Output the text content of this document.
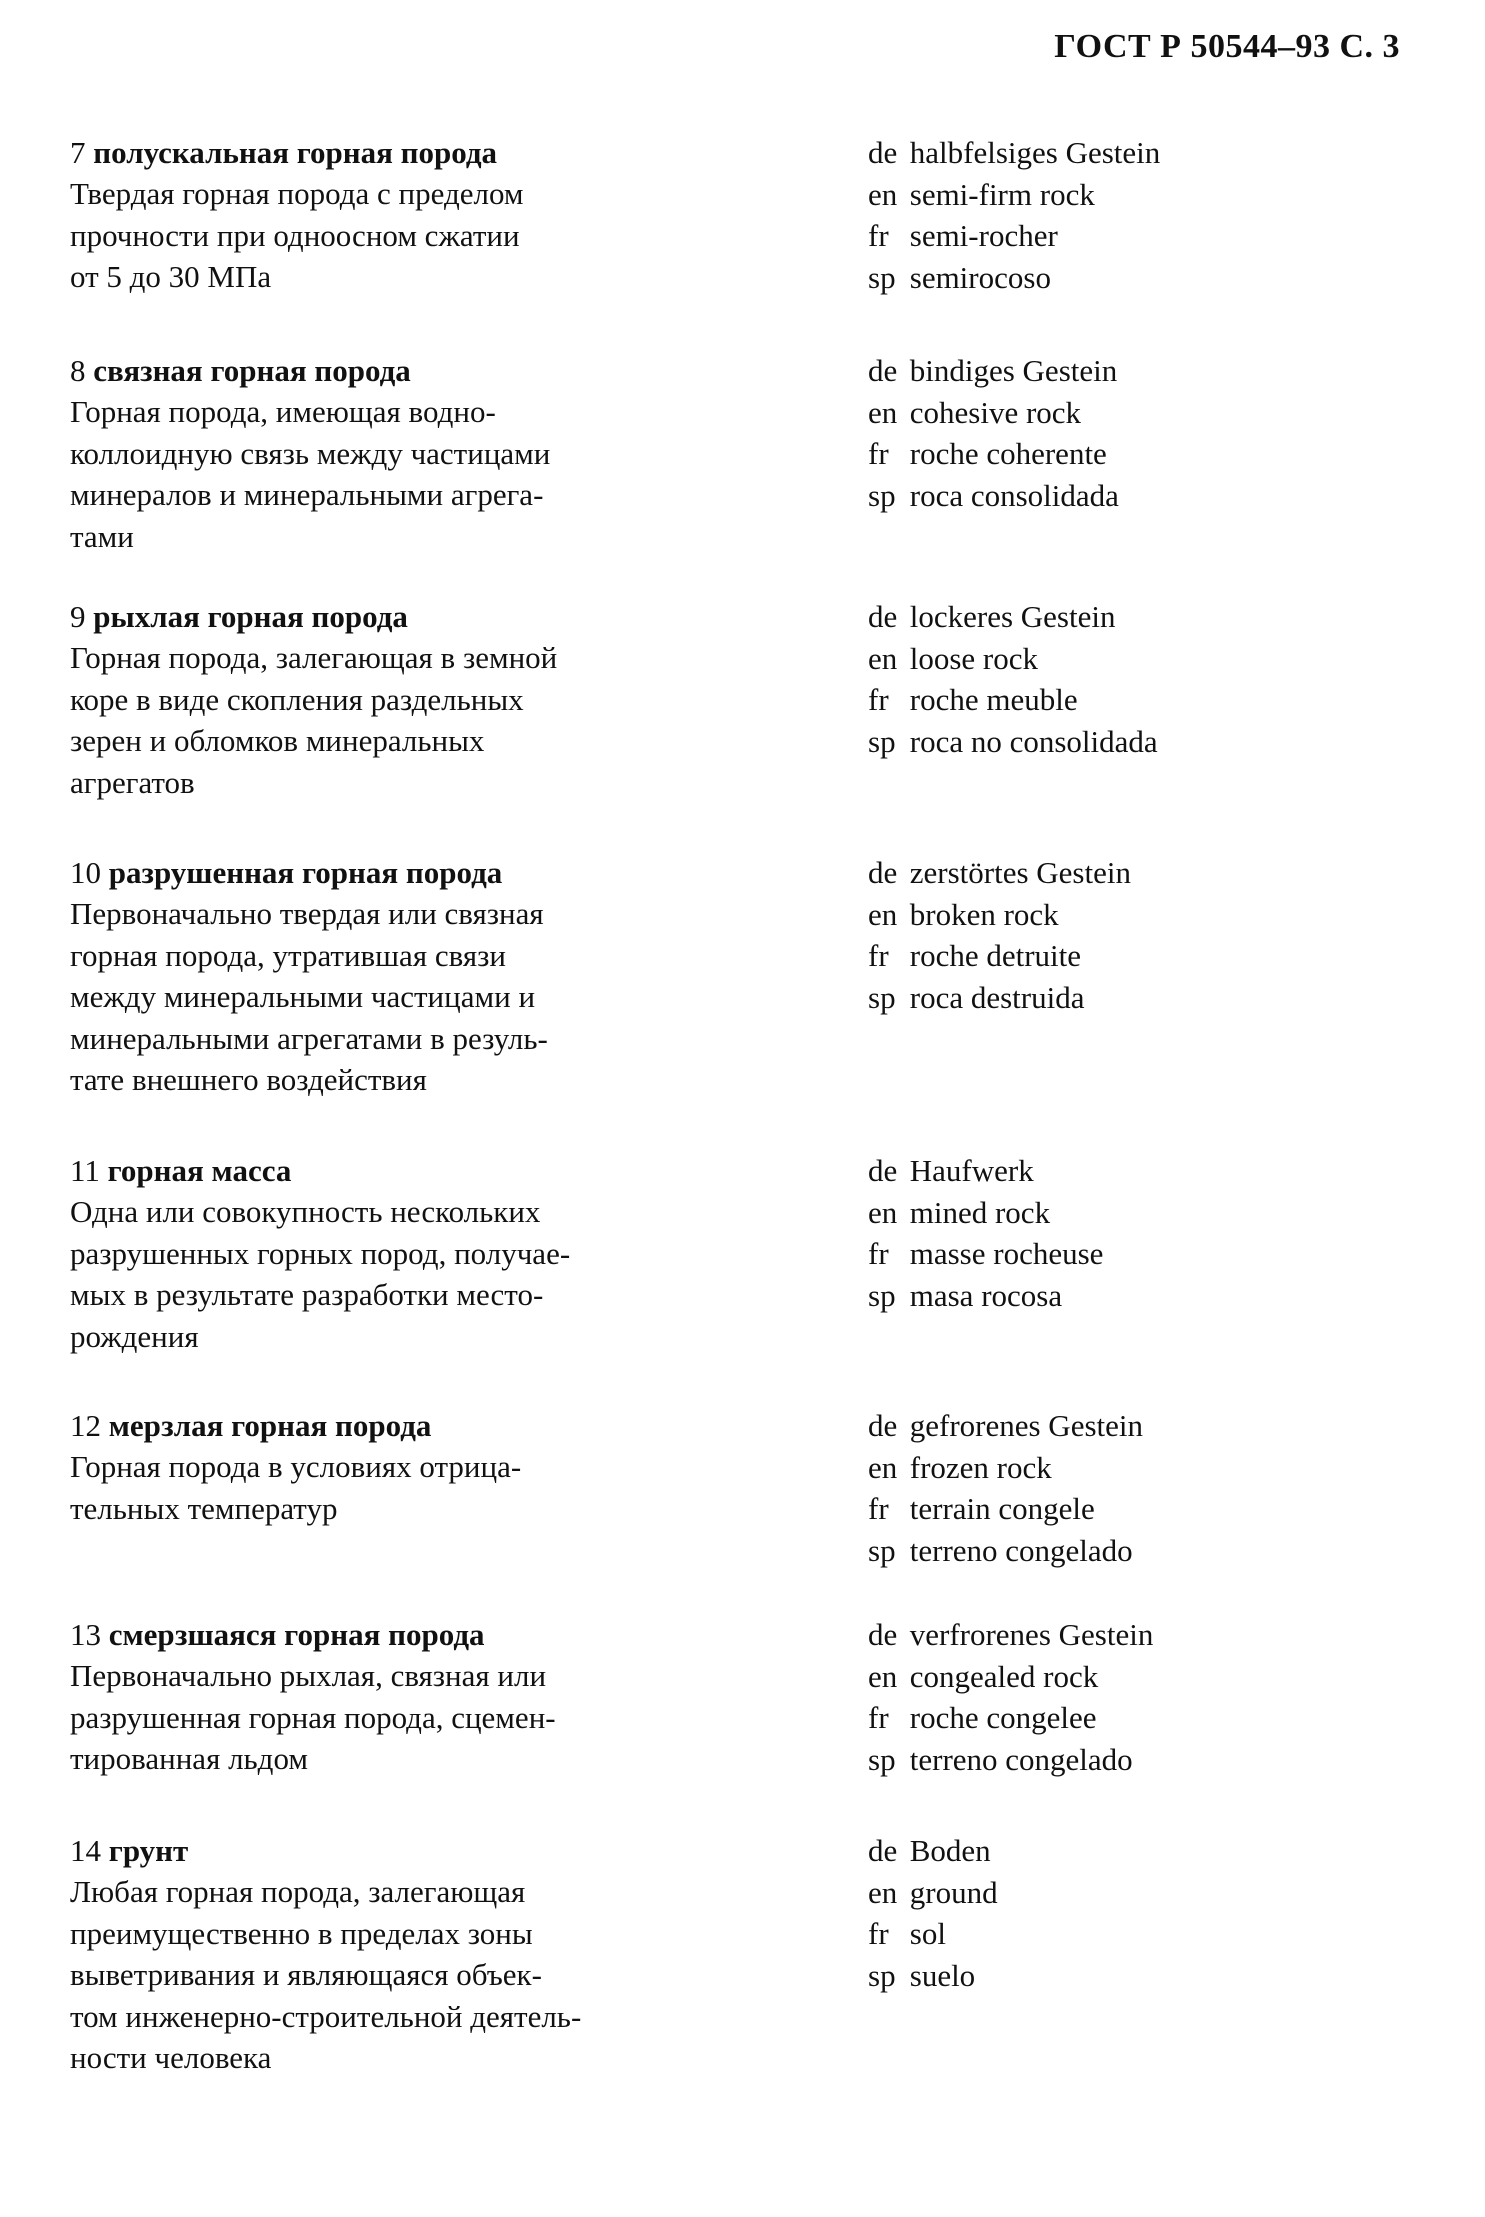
ГОСТ Р 50544–93 С. 3
7 полускальная горная порода
Твердая горная порода с пределом
прочности при одноосном сжатии
от 5 до 30 МПа
de halbfelsiges Gestein
en semi-firm rock
fr semi-rocher
sp semirocoso
8 связная горная порода
Горная порода, имеющая водно-
коллоидную связь между частицами
минералов и минеральными агрега-
тами
de bindiges Gestein
en cohesive rock
fr roche coherente
sp roca consolidada
9 рыхлая горная порода
Горная порода, залегающая в земной
коре в виде скопления раздельных
зерен и обломков минеральных
агрегатов
de lockeres Gestein
en loose rock
fr roche meuble
sp roca no consolidada
10 разрушенная горная порода
Первоначально твердая или связная
горная порода, утратившая связи
между минеральными частицами и
минеральными агрегатами в резуль-
тате внешнего воздействия
de zerstörtes Gestein
en broken rock
fr roche detruite
sp roca destruida
11 горная масса
Одна или совокупность нескольких
разрушенных горных пород, получае-
мых в результате разработки место-
рождения
de Haufwerk
en mined rock
fr masse rocheuse
sp masa rocosa
12 мерзлая горная порода
Горная порода в условиях отрица-
тельных температур
de gefrorenes Gestein
en frozen rock
fr terrain congele
sp terreno congelado
13 смерзшаяся горная порода
Первоначально рыхлая, связная или
разрушенная горная порода, сцемен-
тированная льдом
de verfrorenes Gestein
en congealed rock
fr roche congelee
sp terreno congelado
14 грунт
Любая горная порода, залегающая
преимущественно в пределах зоны
выветривания и являющаяся объек-
том инженерно-строительной деятель-
ности человека
de Boden
en ground
fr sol
sp suelo
